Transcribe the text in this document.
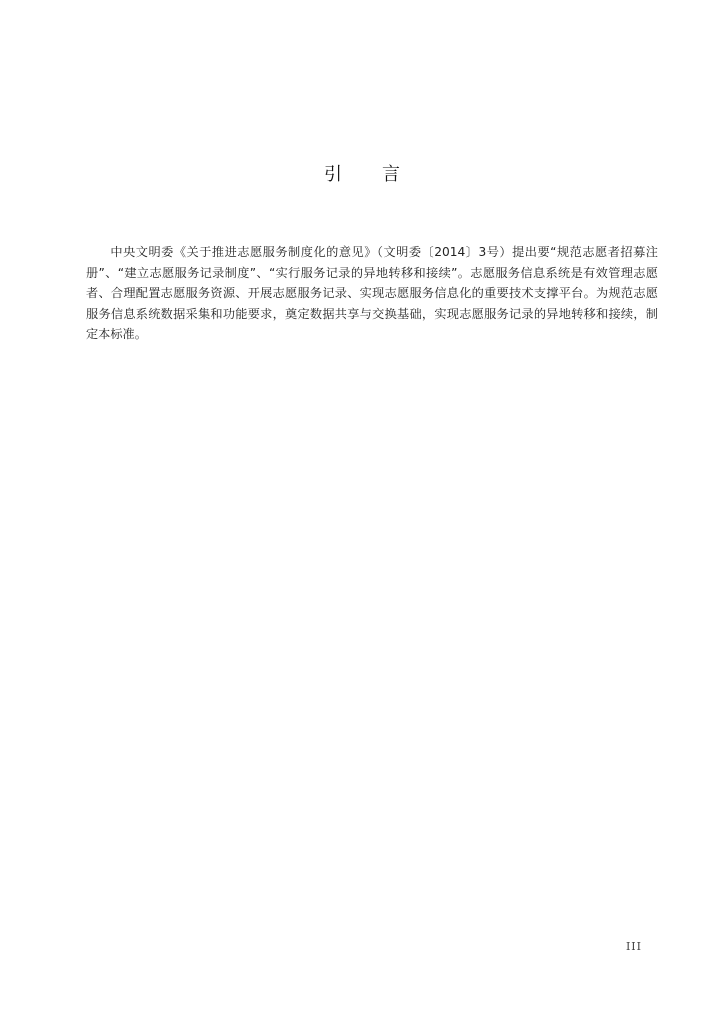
引 言

中央文明委《关于推进志愿服务制度化的意见》（文明委〔2014〕3号）提出要“规范志愿者招募注册”、“建立志愿服务记录制度”、“实行服务记录的异地转移和接续”。志愿服务信息系统是有效管理志愿者、合理配置志愿服务资源、开展志愿服务记录、实现志愿服务信息化的重要技术支撑平台。为规范志愿服务信息系统数据采集和功能要求，奠定数据共享与交换基础，实现志愿服务记录的异地转移和接续，制定本标准。

III
